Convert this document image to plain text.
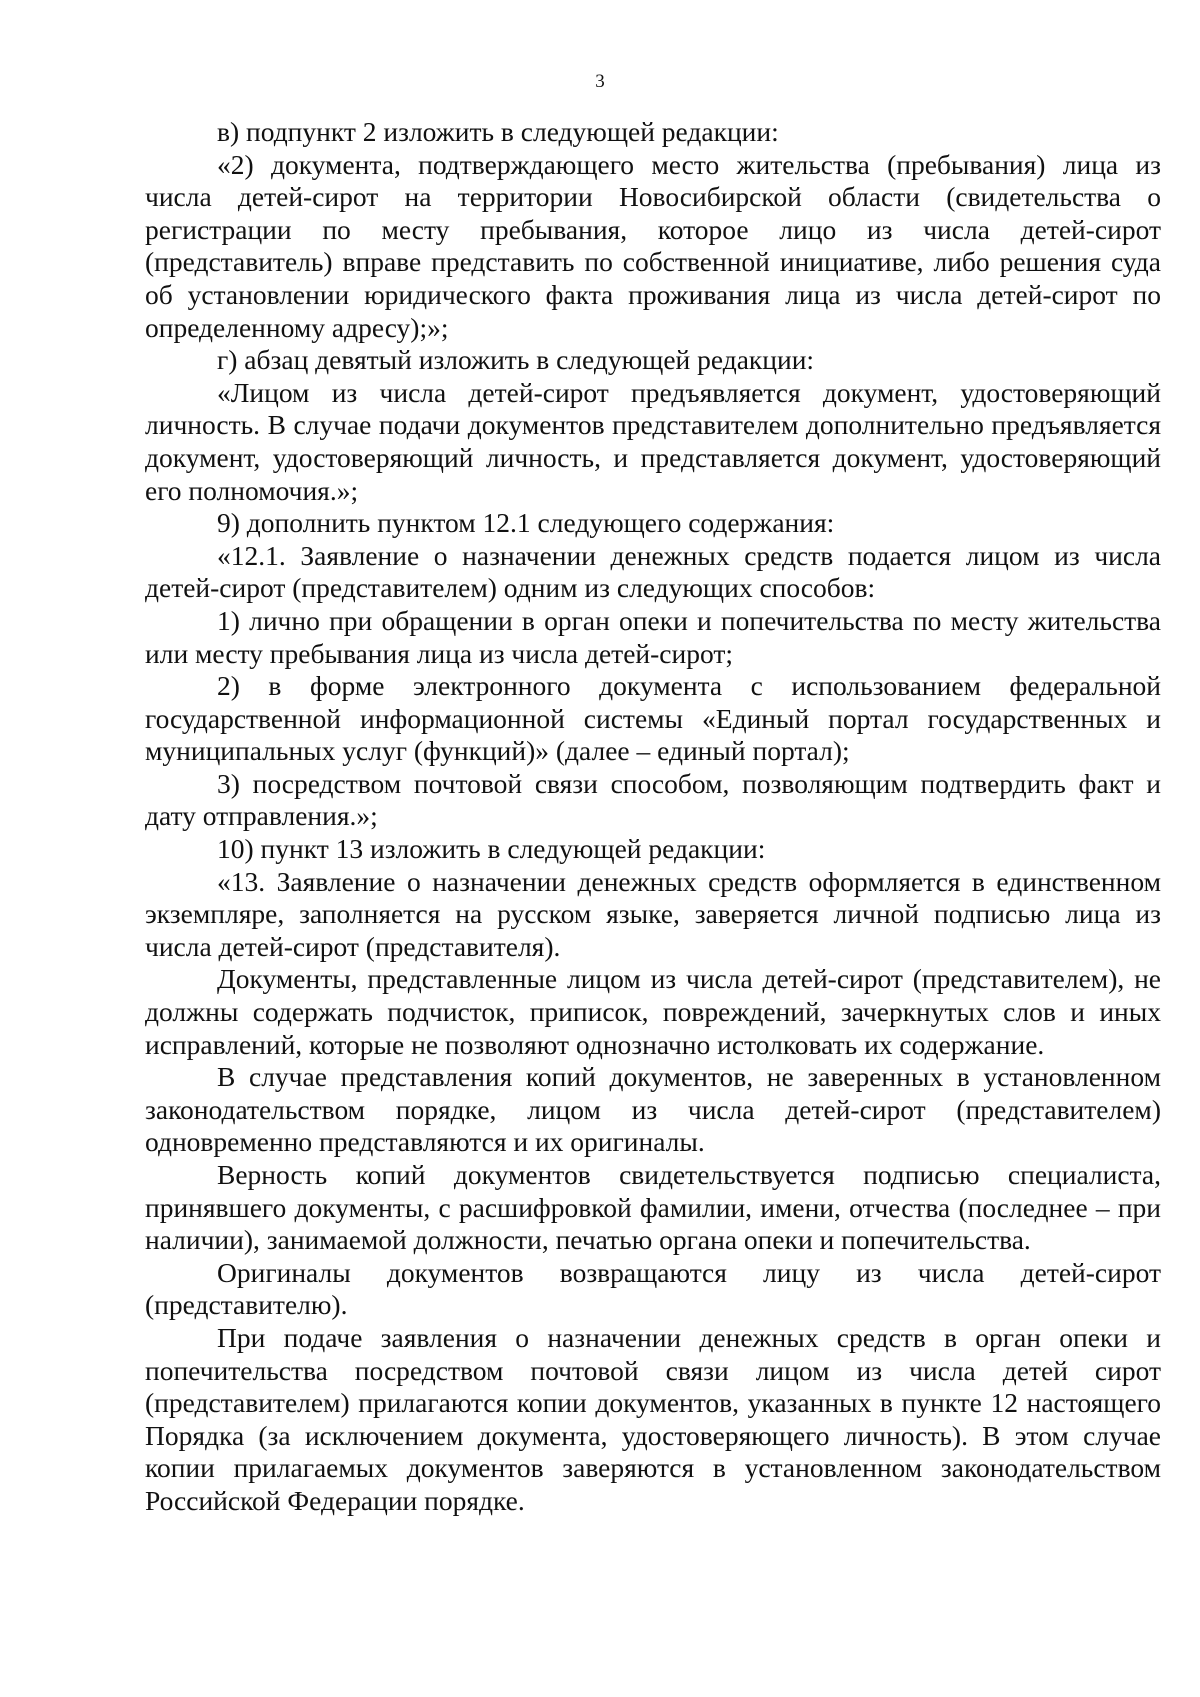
3

в) подпункт 2 изложить в следующей редакции:

«2) документа, подтверждающего место жительства (пребывания) лица из числа детей-сирот на территории Новосибирской области (свидетельства о регистрации по месту пребывания, которое лицо из числа детей-сирот (представитель) вправе представить по собственной инициативе, либо решения суда об установлении юридического факта проживания лица из числа детей-сирот по определенному адресу);»;

г) абзац девятый изложить в следующей редакции:

«Лицом из числа детей-сирот предъявляется документ, удостоверяющий личность. В случае подачи документов представителем дополнительно предъявляется документ, удостоверяющий личность, и представляется документ, удостоверяющий его полномочия.»;

9) дополнить пунктом 12.1 следующего содержания:

«12.1. Заявление о назначении денежных средств подается лицом из числа детей-сирот (представителем) одним из следующих способов:

1) лично при обращении в орган опеки и попечительства по месту жительства или месту пребывания лица из числа детей-сирот;

2) в форме электронного документа с использованием федеральной государственной информационной системы «Единый портал государственных и муниципальных услуг (функций)» (далее – единый портал);

3) посредством почтовой связи способом, позволяющим подтвердить факт и дату отправления.»;

10) пункт 13 изложить в следующей редакции:

«13. Заявление о назначении денежных средств оформляется в единственном экземпляре, заполняется на русском языке, заверяется личной подписью лица из числа детей-сирот (представителя).

Документы, представленные лицом из числа детей-сирот (представителем), не должны содержать подчисток, приписок, повреждений, зачеркнутых слов и иных исправлений, которые не позволяют однозначно истолковать их содержание.

В случае представления копий документов, не заверенных в установленном законодательством порядке, лицом из числа детей-сирот (представителем) одновременно представляются и их оригиналы.

Верность копий документов свидетельствуется подписью специалиста, принявшего документы, с расшифровкой фамилии, имени, отчества (последнее – при наличии), занимаемой должности, печатью органа опеки и попечительства.

Оригиналы документов возвращаются лицу из числа детей-сирот (представителю).

При подаче заявления о назначении денежных средств в орган опеки и попечительства посредством почтовой связи лицом из числа детей сирот (представителем) прилагаются копии документов, указанных в пункте 12 настоящего Порядка (за исключением документа, удостоверяющего личность). В этом случае копии прилагаемых документов заверяются в установленном законодательством Российской Федерации порядке.
